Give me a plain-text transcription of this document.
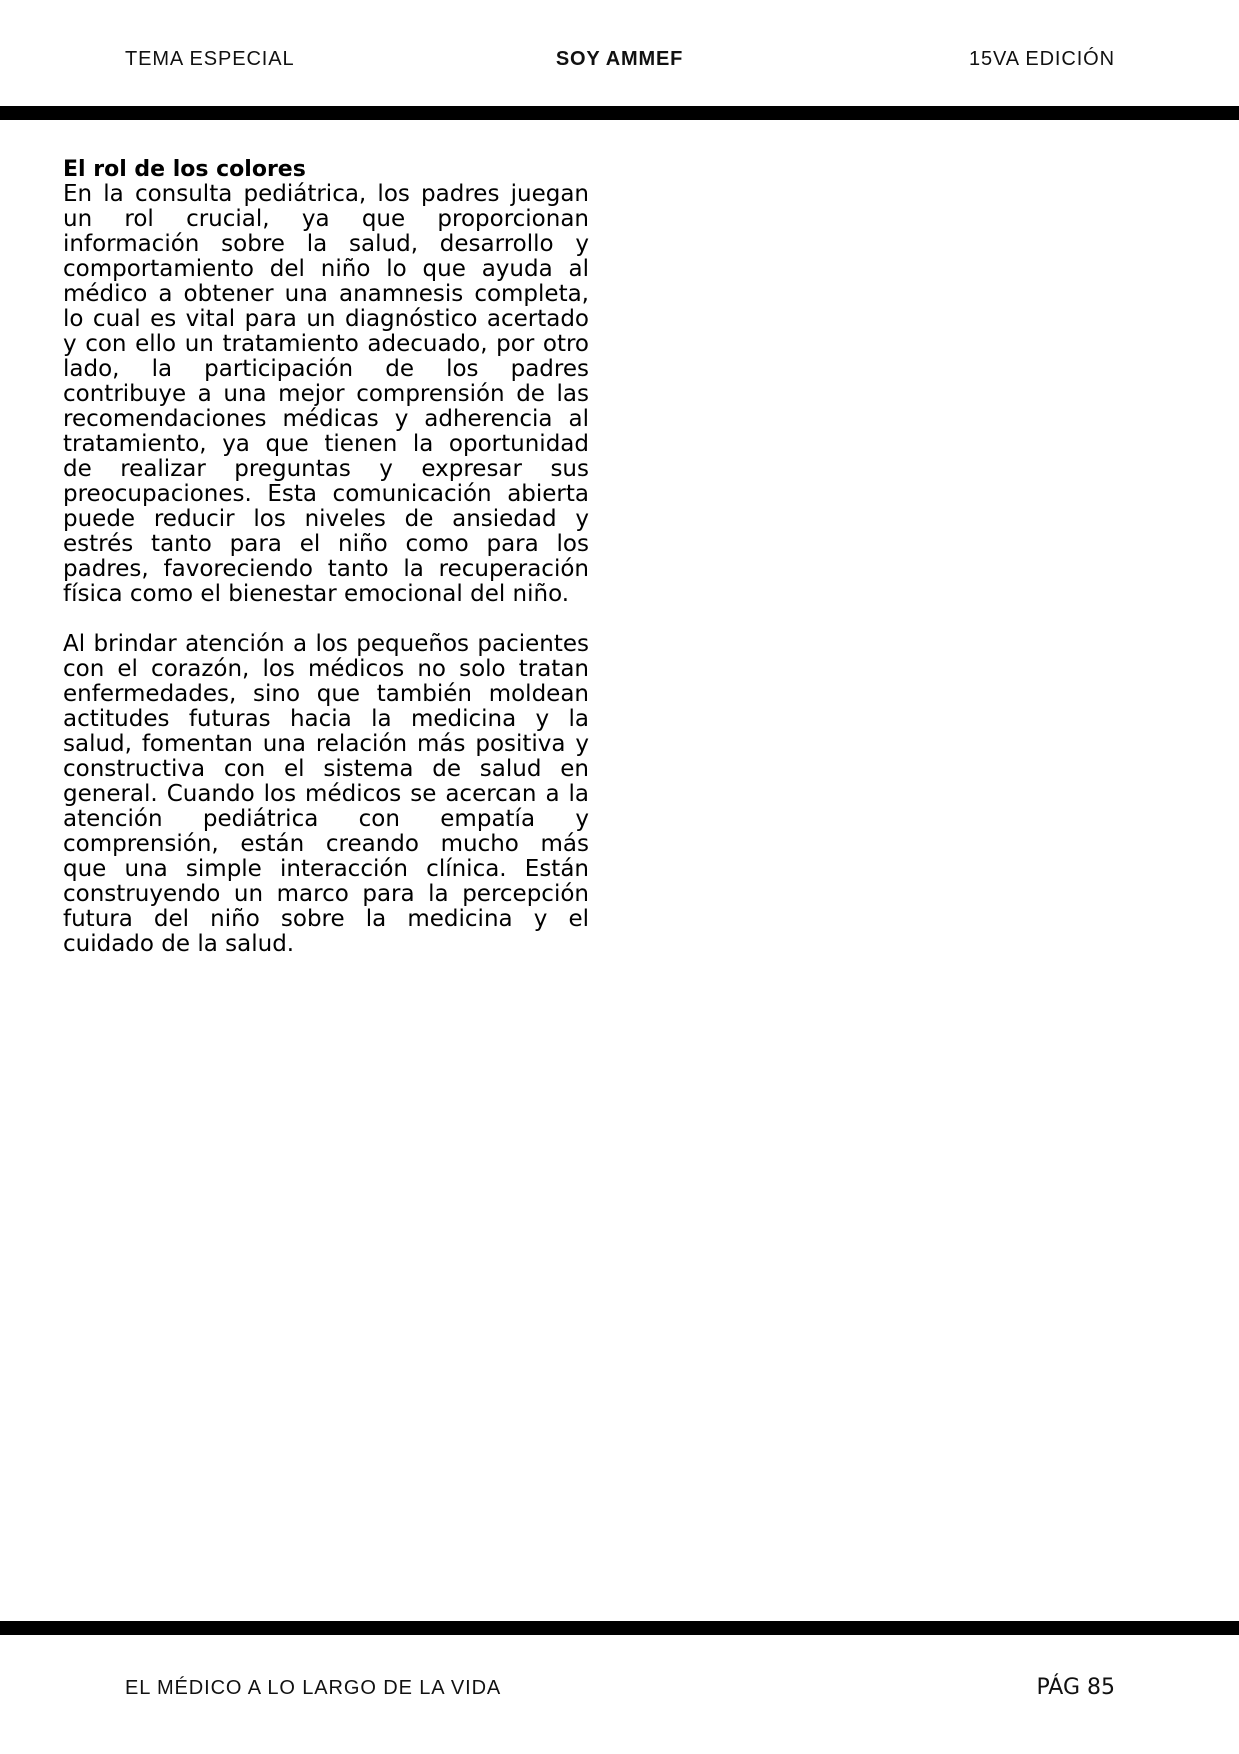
TEMA ESPECIAL	SOY AMMEF	15VA EDICIÓN
El rol de los colores
En la consulta pediátrica, los padres juegan
un rol crucial, ya que proporcionan
información sobre la salud, desarrollo y
comportamiento del niño lo que ayuda al
médico a obtener una anamnesis completa,
lo cual es vital para un diagnóstico acertado
y con ello un tratamiento adecuado, por otro
lado, la participación de los padres
contribuye a una mejor comprensión de las
recomendaciones médicas y adherencia al
tratamiento, ya que tienen la oportunidad
de realizar preguntas y expresar sus
preocupaciones. Esta comunicación abierta
puede reducir los niveles de ansiedad y
estrés tanto para el niño como para los
padres, favoreciendo tanto la recuperación
física como el bienestar emocional del niño.
Al brindar atención a los pequeños pacientes
con el corazón, los médicos no solo tratan
enfermedades, sino que también moldean
actitudes futuras hacia la medicina y la
salud, fomentan una relación más positiva y
constructiva con el sistema de salud en
general. Cuando los médicos se acercan a la
atención pediátrica con empatía y
comprensión, están creando mucho más
que una simple interacción clínica. Están
construyendo un marco para la percepción
futura del niño sobre la medicina y el
cuidado de la salud.
EL MÉDICO A LO LARGO DE LA VIDA	PÁG 85
